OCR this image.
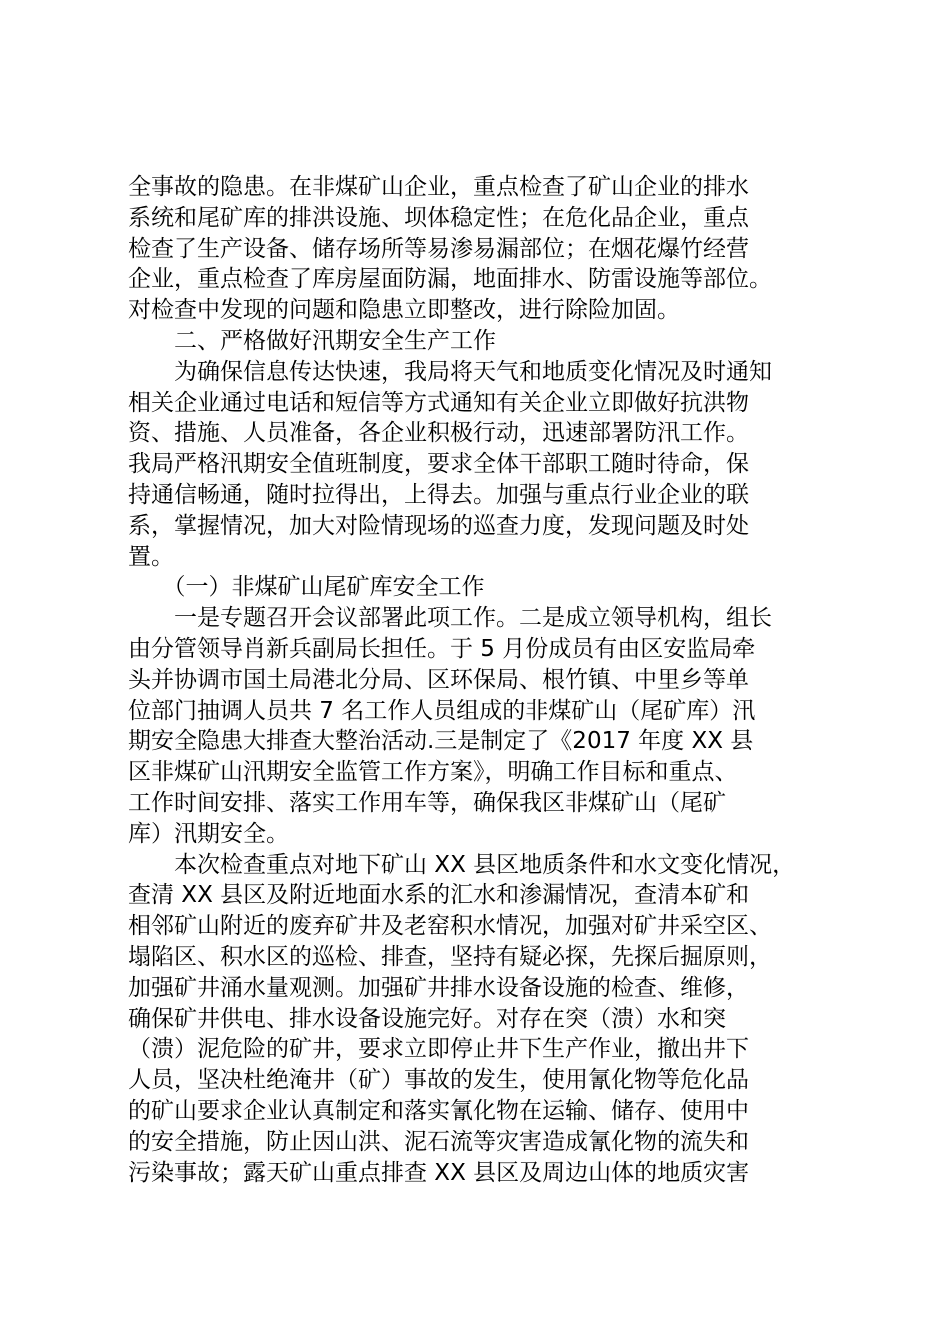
全事故的隐患。在非煤矿山企业，重点检查了矿山企业的排水
系统和尾矿库的排洪设施、坝体稳定性；在危化品企业，重点
检查了生产设备、储存场所等易渗易漏部位；在烟花爆竹经营
企业，重点检查了库房屋面防漏，地面排水、防雷设施等部位。
对检查中发现的问题和隐患立即整改，进行除险加固。
　　二、严格做好汛期安全生产工作
　　为确保信息传达快速，我局将天气和地质变化情况及时通知
相关企业通过电话和短信等方式通知有关企业立即做好抗洪物
资、措施、人员准备，各企业积极行动，迅速部署防汛工作。
我局严格汛期安全值班制度，要求全体干部职工随时待命，保
持通信畅通，随时拉得出，上得去。加强与重点行业企业的联
系，掌握情况，加大对险情现场的巡查力度，发现问题及时处
置。
　　（一）非煤矿山尾矿库安全工作
　　一是专题召开会议部署此项工作。二是成立领导机构，组长
由分管领导肖新兵副局长担任。于 5 月份成员有由区安监局牵
头并协调市国土局港北分局、区环保局、根竹镇、中里乡等单
位部门抽调人员共 7 名工作人员组成的非煤矿山（尾矿库）汛
期安全隐患大排查大整治活动.三是制定了《2017 年度 XX 县
区非煤矿山汛期安全监管工作方案》，明确工作目标和重点、
工作时间安排、落实工作用车等，确保我区非煤矿山（尾矿
库）汛期安全。
　　本次检查重点对地下矿山 XX 县区地质条件和水文变化情况，
查清 XX 县区及附近地面水系的汇水和渗漏情况，查清本矿和
相邻矿山附近的废弃矿井及老窑积水情况，加强对矿井采空区、
塌陷区、积水区的巡检、排查，坚持有疑必探，先探后掘原则，
加强矿井涌水量观测。加强矿井排水设备设施的检查、维修，
确保矿井供电、排水设备设施完好。对存在突（溃）水和突
（溃）泥危险的矿井，要求立即停止井下生产作业，撤出井下
人员，坚决杜绝淹井（矿）事故的发生，使用氰化物等危化品
的矿山要求企业认真制定和落实氰化物在运输、储存、使用中
的安全措施，防止因山洪、泥石流等灾害造成氰化物的流失和
污染事故；露天矿山重点排查 XX 县区及周边山体的地质灾害
